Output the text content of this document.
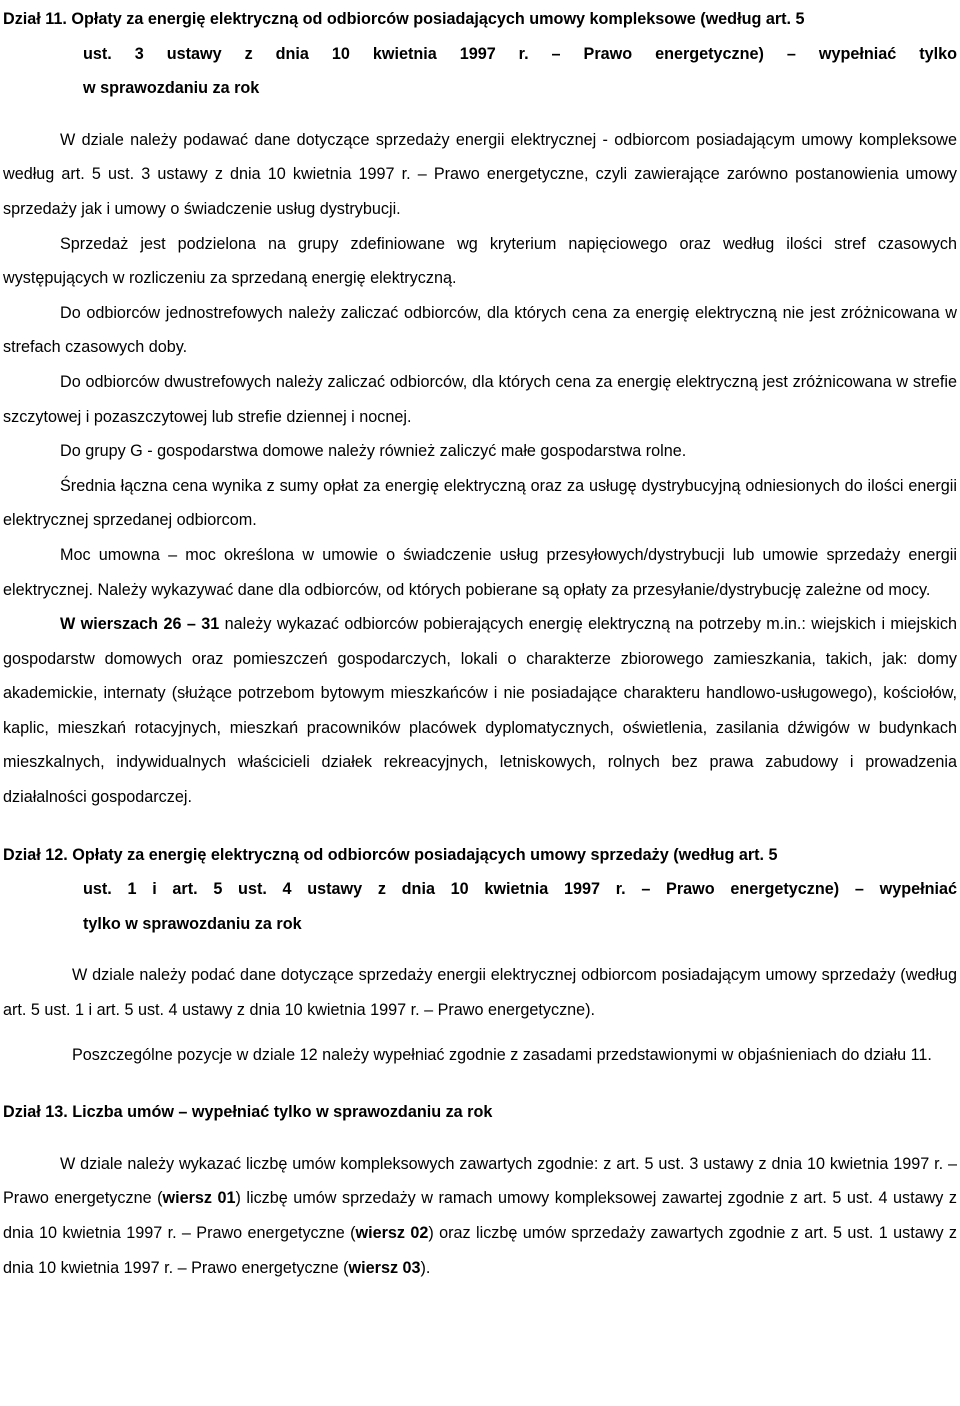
Dział 11. Opłaty za energię elektryczną od odbiorców posiadających umowy kompleksowe (według art. 5

ust. 3 ustawy z dnia 10 kwietnia 1997 r. – Prawo energetyczne) – wypełniać tylko

w sprawozdaniu za rok

W dziale należy podawać dane dotyczące sprzedaży energii elektrycznej - odbiorcom posiadającym umowy kompleksowe według art. 5 ust. 3 ustawy z dnia 10 kwietnia 1997 r. – Prawo energetyczne, czyli zawierające zarówno postanowienia umowy sprzedaży jak i umowy o świadczenie usług dystrybucji.

Sprzedaż jest podzielona na grupy zdefiniowane wg kryterium napięciowego oraz według ilości stref czasowych występujących w rozliczeniu za sprzedaną energię elektryczną.

Do odbiorców jednostrefowych należy zaliczać odbiorców, dla których cena za energię elektryczną nie jest zróżnicowana w strefach czasowych doby.

Do odbiorców dwustrefowych należy zaliczać odbiorców, dla których cena za energię elektryczną jest zróżnicowana w strefie szczytowej i pozaszczytowej lub strefie dziennej i nocnej.

Do grupy G - gospodarstwa domowe należy również zaliczyć małe gospodarstwa rolne.

Średnia łączna cena wynika z sumy opłat za energię elektryczną oraz za usługę dystrybucyjną odniesionych do ilości energii elektrycznej sprzedanej odbiorcom.

Moc umowna – moc określona w umowie o świadczenie usług przesyłowych/dystrybucji lub umowie sprzedaży energii elektrycznej. Należy wykazywać dane dla odbiorców, od których pobierane są opłaty za przesyłanie/dystrybucję zależne od mocy.

W wierszach 26 – 31 należy wykazać odbiorców pobierających energię elektryczną na potrzeby m.in.: wiejskich i miejskich gospodarstw domowych oraz pomieszczeń gospodarczych, lokali o charakterze zbiorowego zamieszkania, takich, jak: domy akademickie, internaty (służące potrzebom bytowym mieszkańców i nie posiadające charakteru handlowo-usługowego), kościołów, kaplic, mieszkań rotacyjnych, mieszkań pracowników placówek dyplomatycznych, oświetlenia, zasilania dźwigów w budynkach mieszkalnych, indywidualnych właścicieli działek rekreacyjnych, letniskowych, rolnych bez prawa zabudowy i prowadzenia działalności gospodarczej.

Dział 12. Opłaty za energię elektryczną od odbiorców posiadających umowy sprzedaży (według art. 5

ust. 1 i art. 5 ust. 4 ustawy z dnia 10 kwietnia 1997 r. – Prawo energetyczne) – wypełniać

tylko w sprawozdaniu za rok

W dziale należy podać dane dotyczące sprzedaży energii elektrycznej odbiorcom posiadającym umowy sprzedaży (według art. 5 ust. 1 i art. 5 ust. 4 ustawy z dnia 10 kwietnia 1997 r. – Prawo energetyczne).

Poszczególne pozycje w dziale 12 należy wypełniać zgodnie z zasadami przedstawionymi w objaśnieniach do działu 11.

Dział 13. Liczba umów – wypełniać tylko w sprawozdaniu za rok

W dziale należy wykazać liczbę umów kompleksowych zawartych zgodnie: z art. 5 ust. 3 ustawy z dnia 10 kwietnia 1997 r. – Prawo energetyczne (wiersz 01) liczbę umów sprzedaży w ramach umowy kompleksowej zawartej zgodnie z art. 5 ust. 4 ustawy z dnia 10 kwietnia 1997 r. – Prawo energetyczne (wiersz 02) oraz liczbę umów sprzedaży zawartych zgodnie z art. 5 ust. 1 ustawy z dnia 10 kwietnia 1997 r. – Prawo energetyczne (wiersz 03).
